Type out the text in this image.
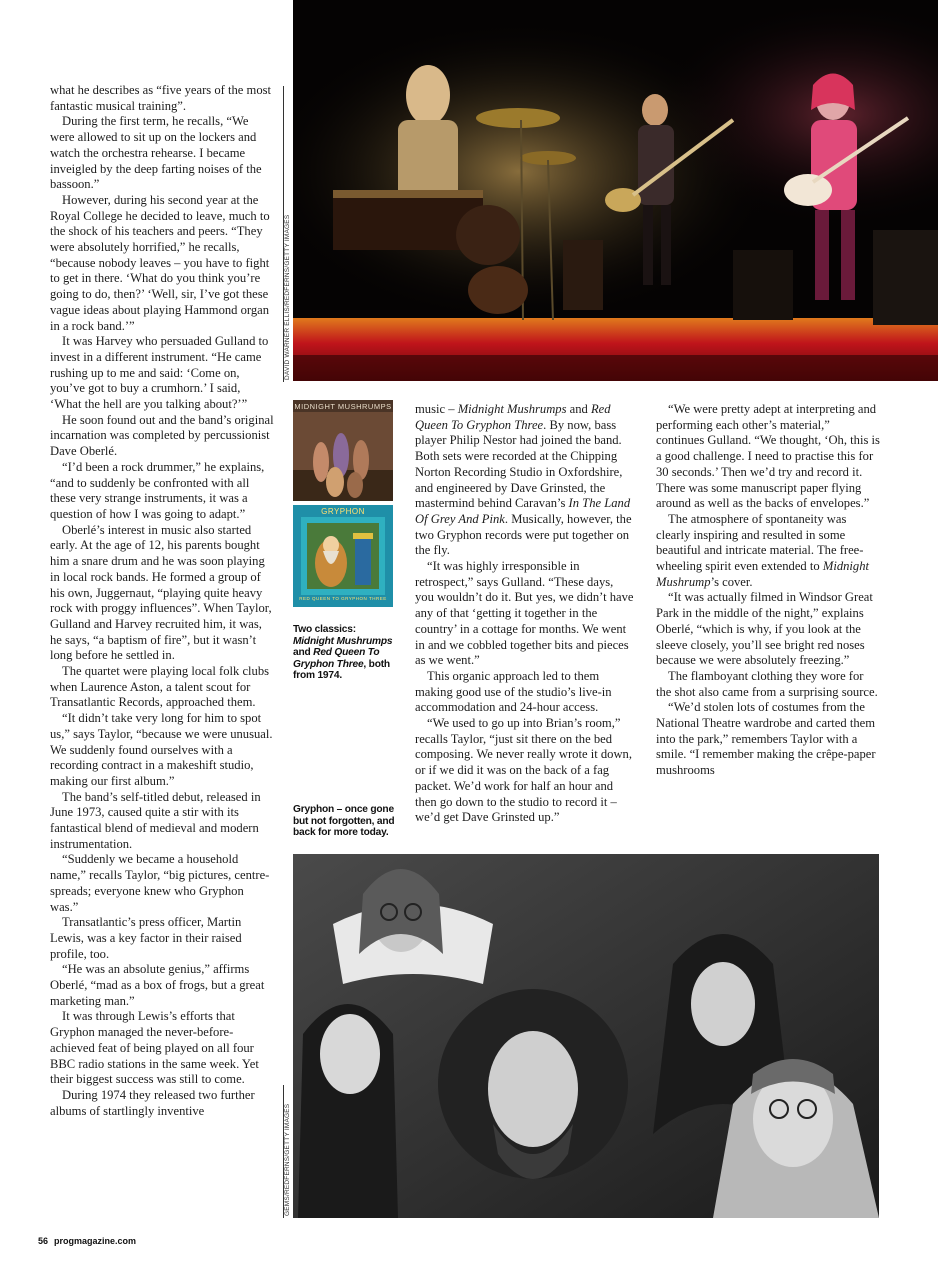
what he describes as “five years of the most fantastic musical training”.

During the first term, he recalls, “We were allowed to sit up on the lockers and watch the orchestra rehearse. I became inveigled by the deep farting noises of the bassoon.”

However, during his second year at the Royal College he decided to leave, much to the shock of his teachers and peers. “They were absolutely horrified,” he recalls, “because nobody leaves – you have to fight to get in there. ‘What do you think you’re going to do, then?’ ‘Well, sir, I’ve got these vague ideas about playing Hammond organ in a rock band.’”

It was Harvey who persuaded Gulland to invest in a different instrument. “He came rushing up to me and said: ‘Come on, you’ve got to buy a crumhorn.’ I said, ‘What the hell are you talking about?’”

He soon found out and the band’s original incarnation was completed by percussionist Dave Oberlé.

“I’d been a rock drummer,” he explains, “and to suddenly be confronted with all these very strange instruments, it was a question of how I was going to adapt.”

Oberlé’s interest in music also started early. At the age of 12, his parents bought him a snare drum and he was soon playing in local rock bands. He formed a group of his own, Juggernaut, “playing quite heavy rock with proggy influences”. When Taylor, Gulland and Harvey recruited him, it was, he says, “a baptism of fire”, but it wasn’t long before he settled in.

The quartet were playing local folk clubs when Laurence Aston, a talent scout for Transatlantic Records, approached them.

“It didn’t take very long for him to spot us,” says Taylor, “because we were unusual. We suddenly found ourselves with a recording contract in a makeshift studio, making our first album.”

The band’s self-titled debut, released in June 1973, caused quite a stir with its fantastical blend of medieval and modern instrumentation.

“Suddenly we became a household name,” recalls Taylor, “big pictures, centre-spreads; everyone knew who Gryphon was.”

Transatlantic’s press officer, Martin Lewis, was a key factor in their raised profile, too.

“He was an absolute genius,” affirms Oberlé, “mad as a box of frogs, but a great marketing man.”

It was through Lewis’s efforts that Gryphon managed the never-before-achieved feat of being played on all four BBC radio stations in the same week. Yet their biggest success was still to come.

During 1974 they released two further albums of startlingly inventive

DAVID WARNER ELLIS/REDFERNS/GETTY IMAGES
MIDNIGHT MUSHRUMPS
GRYPHON
RED QUEEN TO GRYPHON THREE
Two classics: Midnight Mushrumps and Red Queen To Gryphon Three, both from 1974.
Gryphon – once gone but not forgotten, and back for more today.

music – Midnight Mushrumps and Red Queen To Gryphon Three. By now, bass player Philip Nestor had joined the band. Both sets were recorded at the Chipping Norton Recording Studio in Oxfordshire, and engineered by Dave Grinsted, the mastermind behind Caravan’s In The Land Of Grey And Pink. Musically, however, the two Gryphon records were put together on the fly.

“It was highly irresponsible in retrospect,” says Gulland. “These days, you wouldn’t do it. But yes, we didn’t have any of that ‘getting it together in the country’ in a cottage for months. We went in and we cobbled together bits and pieces as we went.”

This organic approach led to them making good use of the studio’s live-in accommodation and 24-hour access.

“We used to go up into Brian’s room,” recalls Taylor, “just sit there on the bed composing. We never really wrote it down, or if we did it was on the back of a fag packet. We’d work for half an hour and then go down to the studio to record it – we’d get Dave Grinsted up.”

“We were pretty adept at interpreting and performing each other’s material,” continues Gulland. “We thought, ‘Oh, this is a good challenge. I need to practise this for 30 seconds.’ Then we’d try and record it. There was some manuscript paper flying around as well as the backs of envelopes.”

The atmosphere of spontaneity was clearly inspiring and resulted in some beautiful and intricate material. The free-wheeling spirit even extended to Midnight Mushrump’s cover.

“It was actually filmed in Windsor Great Park in the middle of the night,” explains Oberlé, “which is why, if you look at the sleeve closely, you’ll see bright red noses because we were absolutely freezing.”

The flamboyant clothing they wore for the shot also came from a surprising source.

“We’d stolen lots of costumes from the National Theatre wardrobe and carted them into the park,” remembers Taylor with a smile. “I remember making the crêpe-paper mushrooms

GEMS/REDFERNS/GETTY IMAGES
56 progmagazine.com
